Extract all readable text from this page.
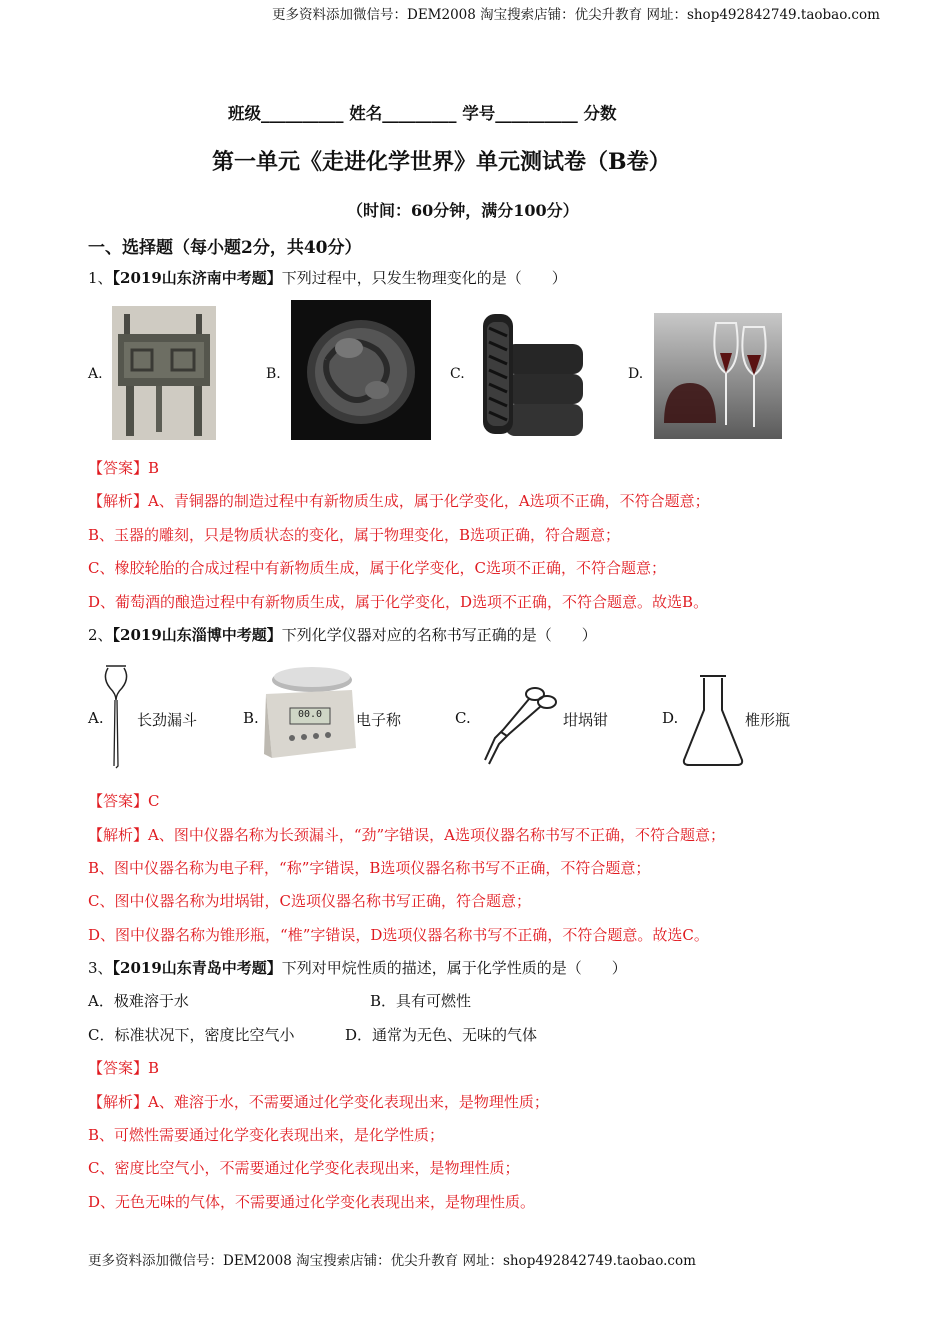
更多资料添加微信号：DEM2008 淘宝搜索店铺：优尖升教育 网址：shop492842749.taobao.com
班级__________ 姓名_________ 学号__________ 分数
第一单元《走进化学世界》单元测试卷（B卷）
（时间：60分钟，满分100分）
一、选择题（每小题2分，共40分）
1、【2019山东济南中考题】下列过程中，只发生物理变化的是（　　）
A.	B.	C.	D.
【答案】B
【解析】A、青铜器的制造过程中有新物质生成，属于化学变化，A选项不正确，不符合题意；
B、玉器的雕刻，只是物质状态的变化，属于物理变化，B选项正确，符合题意；
C、橡胶轮胎的合成过程中有新物质生成，属于化学变化，C选项不正确，不符合题意；
D、葡萄酒的酿造过程中有新物质生成，属于化学变化，D选项不正确，不符合题意。故选B。
2、【2019山东淄博中考题】下列化学仪器对应的名称书写正确的是（　　）
A. 长劲漏斗	B.	00.0	电子称	C.	坩埚钳	D.	椎形瓶
【答案】C
【解析】A、图中仪器名称为长颈漏斗，“劲”字错误，A选项仪器名称书写不正确，不符合题意；
B、图中仪器名称为电子秤，“称”字错误，B选项仪器名称书写不正确，不符合题意；
C、图中仪器名称为坩埚钳，C选项仪器名称书写正确，符合题意；
D、图中仪器名称为锥形瓶，“椎”字错误，D选项仪器名称书写不正确，不符合题意。故选C。
3、【2019山东青岛中考题】下列对甲烷性质的描述，属于化学性质的是（　　）
A．极难溶于水	B．具有可燃性
C．标准状况下，密度比空气小	D．通常为无色、无味的气体
【答案】B
【解析】A、难溶于水，不需要通过化学变化表现出来，是物理性质；
B、可燃性需要通过化学变化表现出来，是化学性质；
C、密度比空气小，不需要通过化学变化表现出来，是物理性质；
D、无色无味的气体，不需要通过化学变化表现出来，是物理性质。
更多资料添加微信号：DEM2008 淘宝搜索店铺：优尖升教育 网址：shop492842749.taobao.com
